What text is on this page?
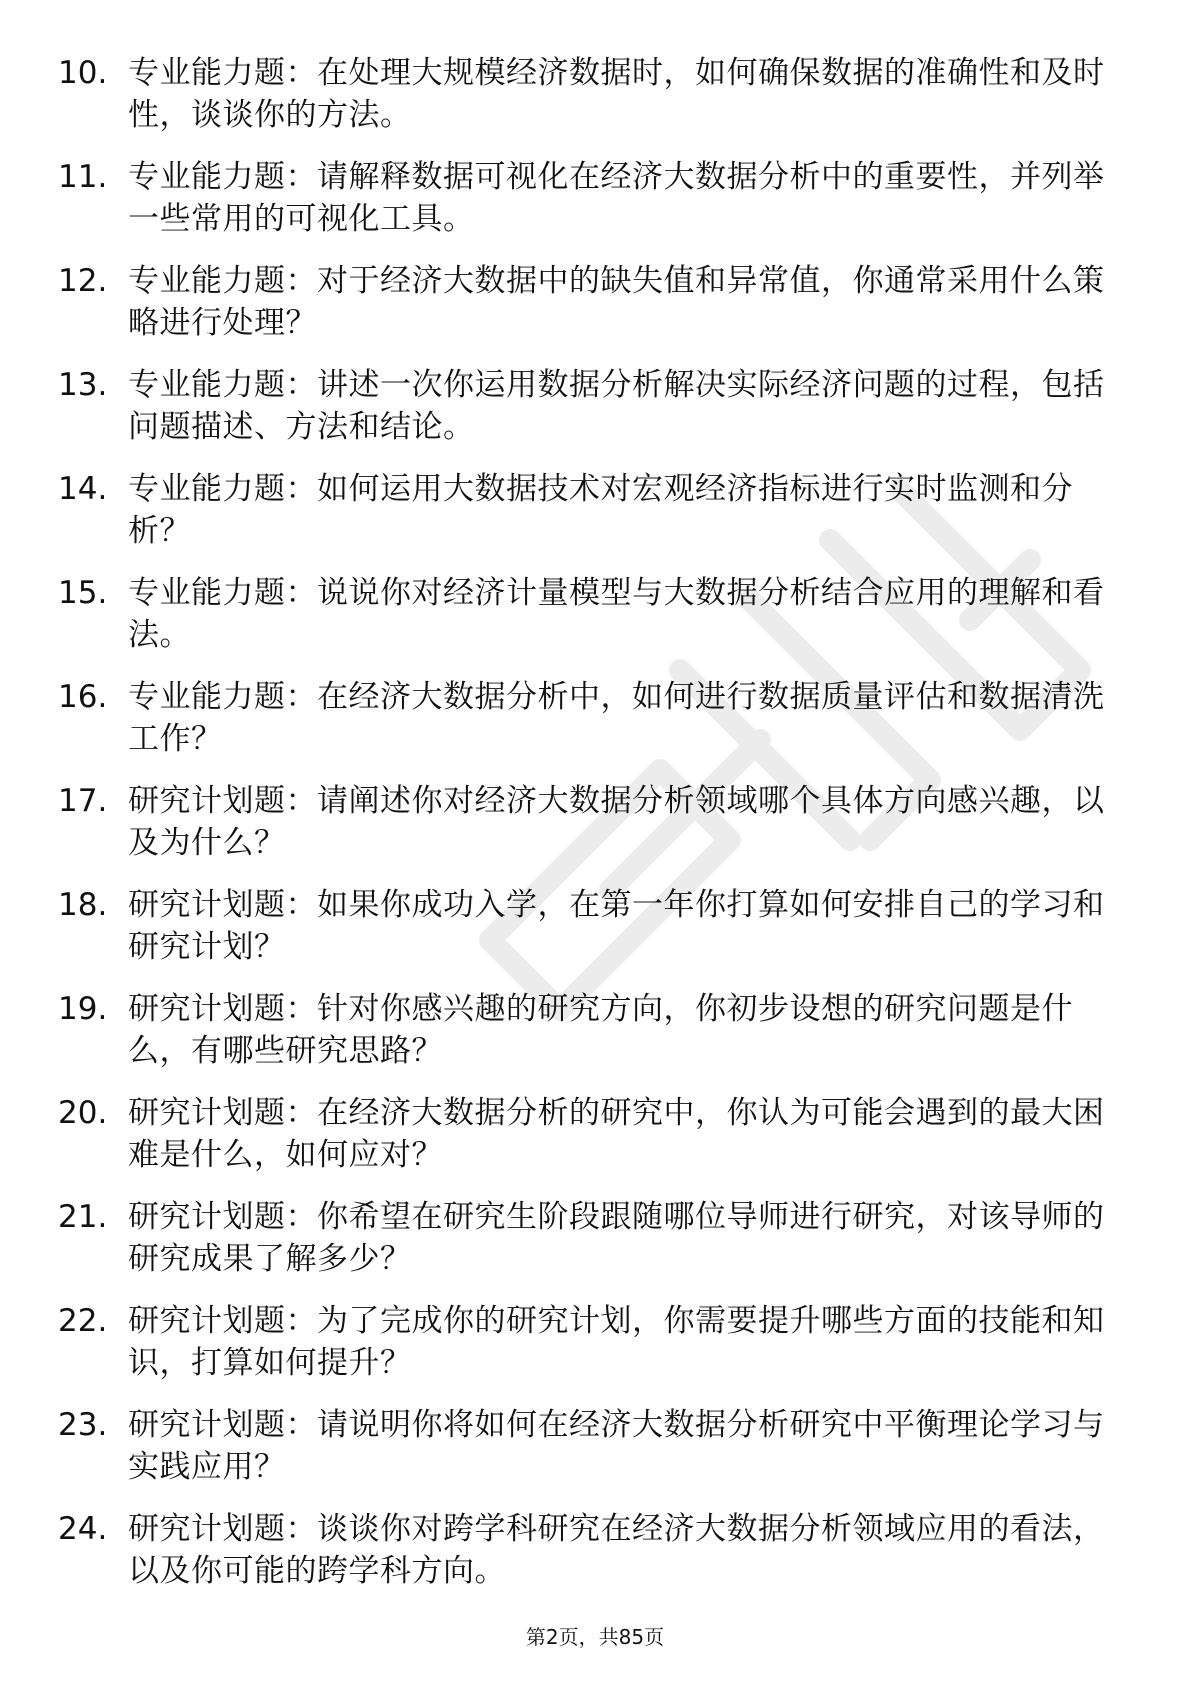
10. 专业能力题：在处理大规模经济数据时，如何确保数据的准确性和及时性，谈谈你的方法。
11. 专业能力题：请解释数据可视化在经济大数据分析中的重要性，并列举一些常用的可视化工具。
12. 专业能力题：对于经济大数据中的缺失值和异常值，你通常采用什么策略进行处理？
13. 专业能力题：讲述一次你运用数据分析解决实际经济问题的过程，包括问题描述、方法和结论。
14. 专业能力题：如何运用大数据技术对宏观经济指标进行实时监测和分析？
15. 专业能力题：说说你对经济计量模型与大数据分析结合应用的理解和看法。
16. 专业能力题：在经济大数据分析中，如何进行数据质量评估和数据清洗工作？
17. 研究计划题：请阐述你对经济大数据分析领域哪个具体方向感兴趣，以及为什么？
18. 研究计划题：如果你成功入学，在第一年你打算如何安排自己的学习和研究计划？
19. 研究计划题：针对你感兴趣的研究方向，你初步设想的研究问题是什么，有哪些研究思路？
20. 研究计划题：在经济大数据分析的研究中，你认为可能会遇到的最大困难是什么，如何应对？
21. 研究计划题：你希望在研究生阶段跟随哪位导师进行研究，对该导师的研究成果了解多少？
22. 研究计划题：为了完成你的研究计划，你需要提升哪些方面的技能和知识，打算如何提升？
23. 研究计划题：请说明你将如何在经济大数据分析研究中平衡理论学习与实践应用？
24. 研究计划题：谈谈你对跨学科研究在经济大数据分析领域应用的看法，以及你可能的跨学科方向。
第2页，共85页
